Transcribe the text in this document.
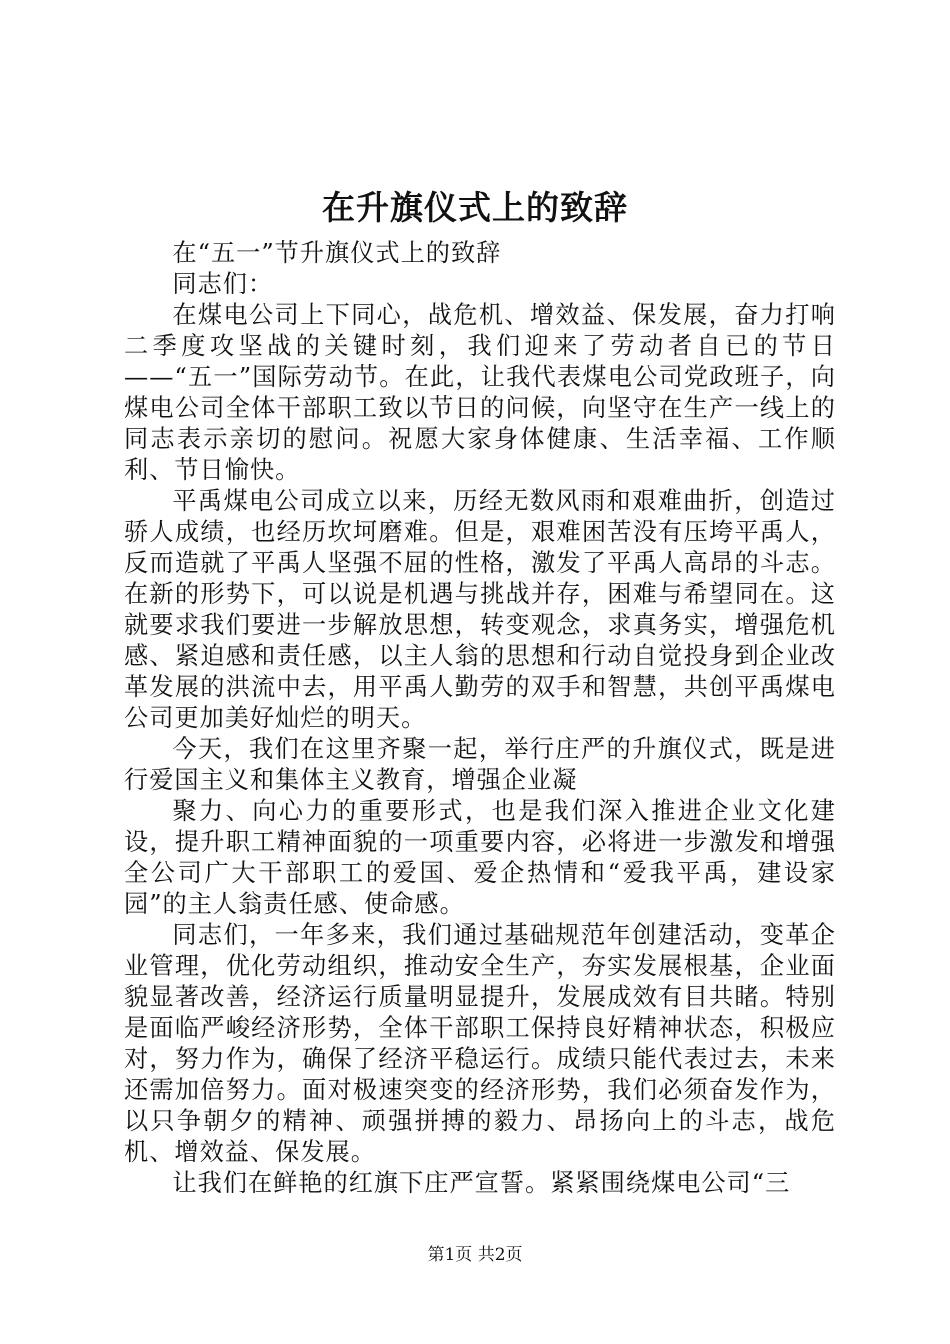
在升旗仪式上的致辞

在“五一”节升旗仪式上的致辞

同志们：

在煤电公司上下同心，战危机、增效益、保发展，奋力打响二季度攻坚战的关键时刻，我们迎来了劳动者自已的节日——“五一”国际劳动节。在此，让我代表煤电公司党政班子，向煤电公司全体干部职工致以节日的问候，向坚守在生产一线上的同志表示亲切的慰问。祝愿大家身体健康、生活幸福、工作顺利、节日愉快。

平禹煤电公司成立以来，历经无数风雨和艰难曲折，创造过骄人成绩，也经历坎坷磨难。但是，艰难困苦没有压垮平禹人，反而造就了平禹人坚强不屈的性格，激发了平禹人高昂的斗志。在新的形势下，可以说是机遇与挑战并存，困难与希望同在。这就要求我们要进一步解放思想，转变观念，求真务实，增强危机感、紧迫感和责任感，以主人翁的思想和行动自觉投身到企业改革发展的洪流中去，用平禹人勤劳的双手和智慧，共创平禹煤电公司更加美好灿烂的明天。

今天，我们在这里齐聚一起，举行庄严的升旗仪式，既是进行爱国主义和集体主义教育，增强企业凝

聚力、向心力的重要形式，也是我们深入推进企业文化建设，提升职工精神面貌的一项重要内容，必将进一步激发和增强全公司广大干部职工的爱国、爱企热情和“爱我平禹，建设家园”的主人翁责任感、使命感。

同志们，一年多来，我们通过基础规范年创建活动，变革企业管理，优化劳动组织，推动安全生产，夯实发展根基，企业面貌显著改善，经济运行质量明显提升，发展成效有目共睹。特别是面临严峻经济形势，全体干部职工保持良好精神状态，积极应对，努力作为，确保了经济平稳运行。成绩只能代表过去，未来还需加倍努力。面对极速突变的经济形势，我们必须奋发作为，以只争朝夕的精神、顽强拼搏的毅力、昂扬向上的斗志，战危机、增效益、保发展。

让我们在鲜艳的红旗下庄严宣誓。紧紧围绕煤电公司“三

第1页 共2页
